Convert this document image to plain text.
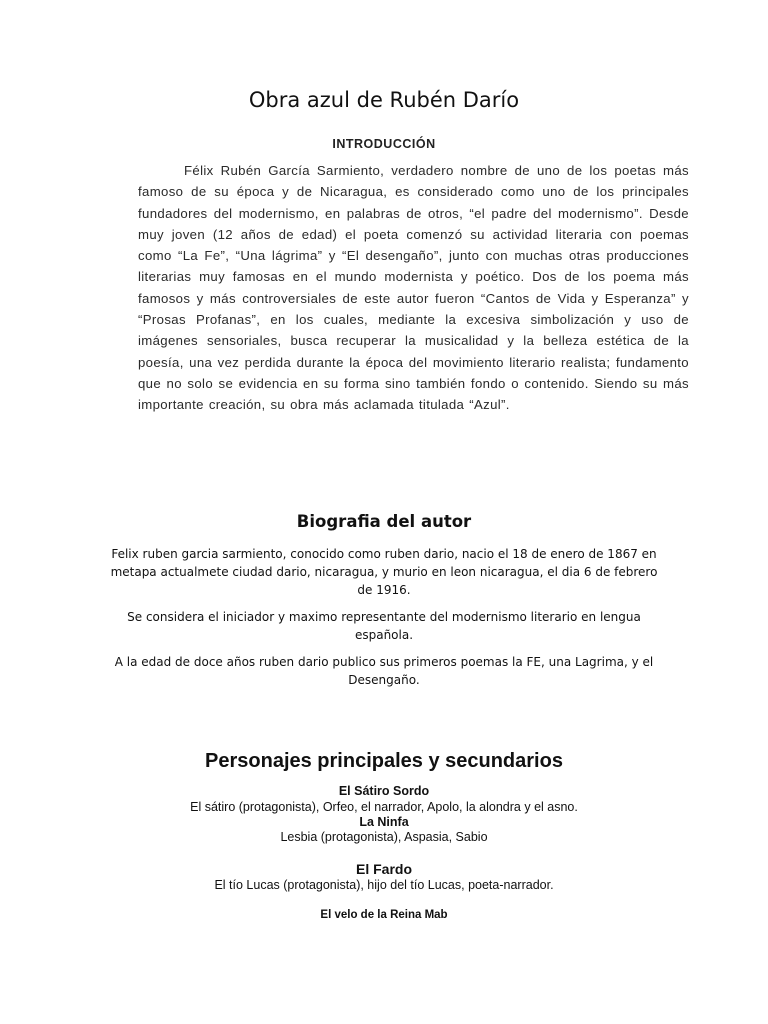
Obra azul de Rubén Darío
INTRODUCCIÓN
Félix Rubén García Sarmiento, verdadero nombre de uno de los poetas más famoso de su época y de Nicaragua, es considerado como uno de los principales fundadores del modernismo, en palabras de otros, “el padre del modernismo”. Desde muy joven (12 años de edad) el poeta comenzó su actividad literaria con poemas como “La Fe”, “Una lágrima” y “El desengaño”, junto con muchas otras producciones literarias muy famosas en el mundo modernista y poético. Dos de los poema más famosos y más controversiales de este autor fueron “Cantos de Vida y Esperanza” y “Prosas Profanas”, en los cuales, mediante la excesiva simbolización y uso de imágenes sensoriales, busca recuperar la musicalidad y la belleza estética de la poesía, una vez perdida durante la época del movimiento literario realista; fundamento que no solo se evidencia en su forma sino también fondo o contenido. Siendo su más importante creación, su obra más aclamada titulada “Azul”.
Biografia del autor

Felix ruben garcia sarmiento, conocido como ruben dario, nacio el 18 de enero de 1867 en metapa actualmete ciudad dario, nicaragua, y murio en leon nicaragua, el dia 6 de febrero de 1916.

Se considera el iniciador y maximo representante del modernismo literario en lengua española.

A la edad de doce años ruben dario publico sus primeros poemas la FE, una Lagrima, y el Desengaño.

Personajes principales y secundarios
El Sátiro Sordo
El sátiro (protagonista), Orfeo, el narrador, Apolo, la alondra y el asno.
La Ninfa
Lesbia (protagonista), Aspasia, Sabio
El Fardo
El tío Lucas (protagonista), hijo del tío Lucas, poeta-narrador.
El velo de la Reina Mab
